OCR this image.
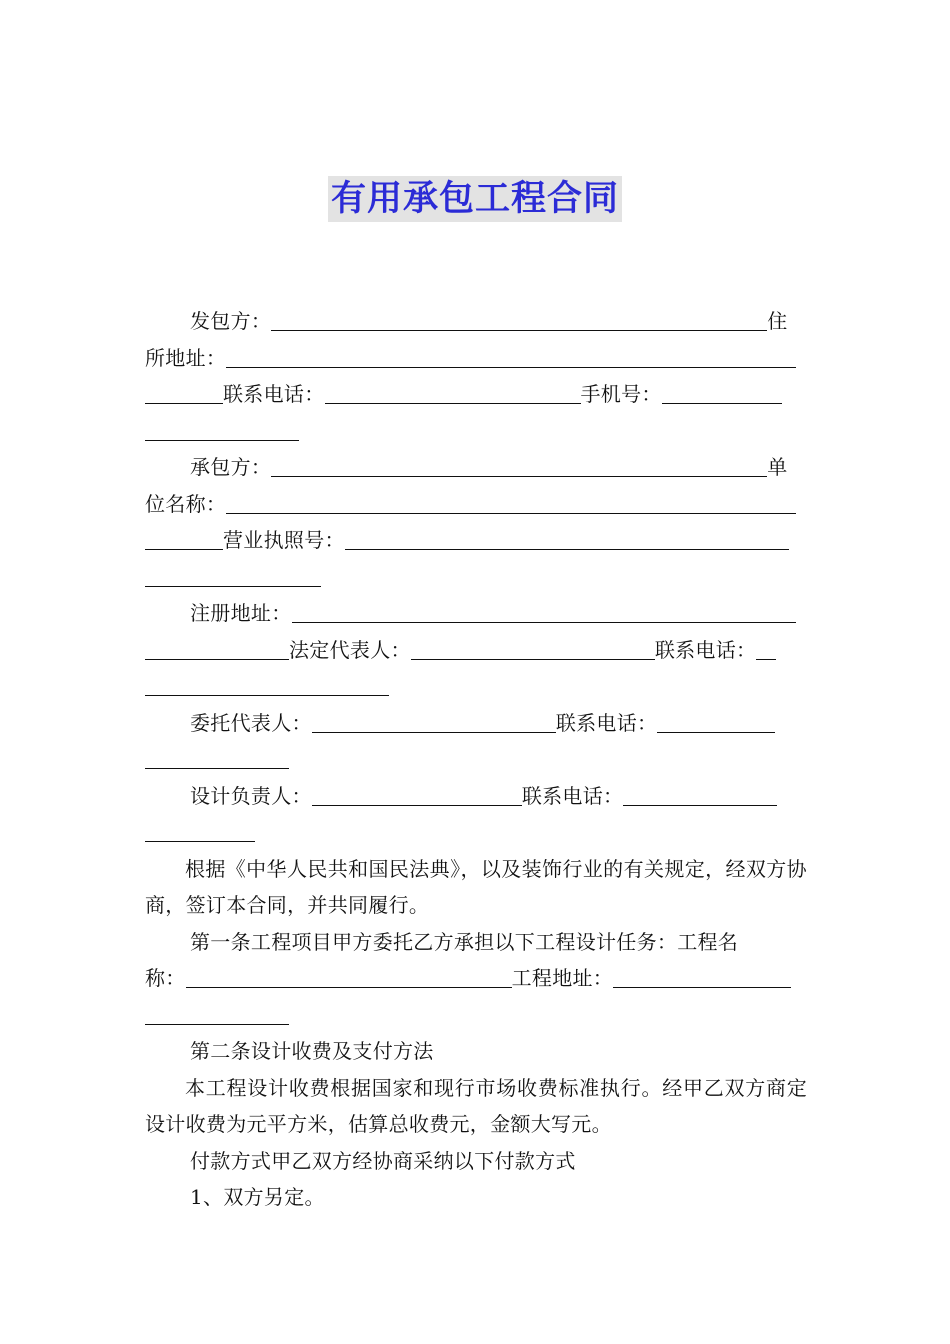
有用承包工程合同
发包方：	住
所地址：
联系电话：	手机号：
承包方：	单
位名称：
营业执照号：
注册地址：
法定代表人：	联系电话：
委托代表人：	联系电话：
设计负责人：	联系电话：

根据《中华人民共和国民法典》，以及装饰行业的有关规定，经双方协商，签订本合同，并共同履行。

第一条工程项目甲方委托乙方承担以下工程设计任务：工程名
称：	工程地址：
第二条设计收费及支付方法

本工程设计收费根据国家和现行市场收费标准执行。经甲乙双方商定设计收费为元平方米，估算总收费元，金额大写元。

付款方式甲乙双方经协商采纳以下付款方式
1、双方另定。
